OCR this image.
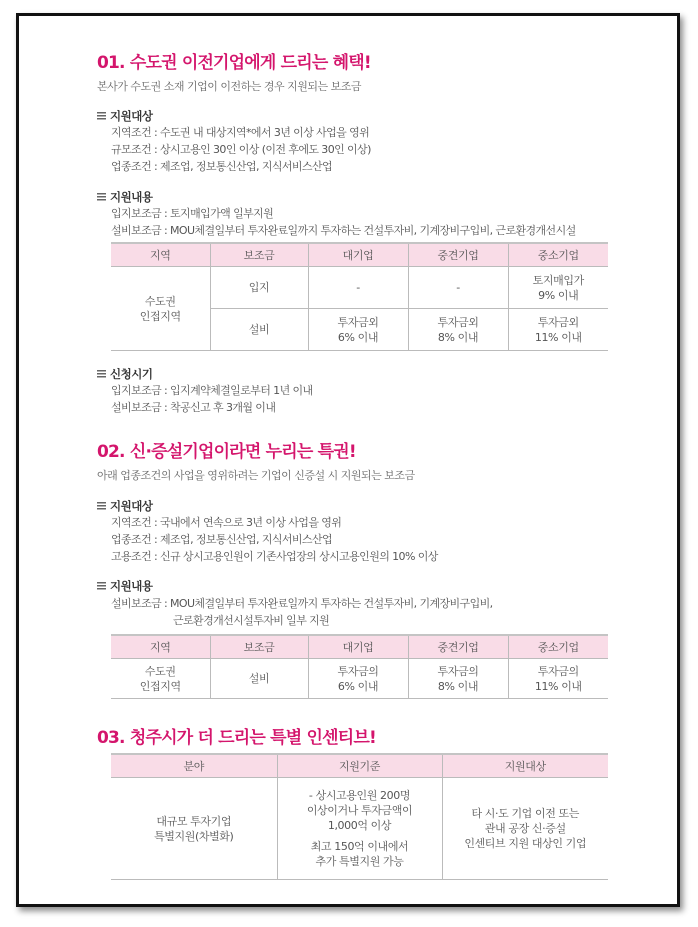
01. 수도권 이전기업에게 드리는 혜택!
본사가 수도권 소재 기업이 이전하는 경우 지원되는 보조금
지원대상
지역조건 : 수도권 내 대상지역*에서 3년 이상 사업을 영위
규모조건 : 상시고용인 30인 이상 (이전 후에도 30인 이상)
업종조건 : 제조업, 정보통신산업, 지식서비스산업
지원내용
입지보조금 : 토지매입가액 일부지원
설비보조금 : MOU체결일부터 투자완료일까지 투자하는 건설투자비, 기계장비구입비, 근로환경개선시설
지역	보조금	대기업	중견기업	중소기업

수도권
인접지역	입지	-	-	토지매입가
9% 이내

	설비	투자금외
6% 이내	투자금외
8% 이내	투자금외
11% 이내
신청시기
입지보조금 : 입지계약체결일로부터 1년 이내
설비보조금 : 착공신고 후 3개월 이내
02. 신·증설기업이라면 누리는 특권!
아래 업종조건의 사업을 영위하려는 기업이 신증설 시 지원되는 보조금
지원대상
지역조건 : 국내에서 연속으로 3년 이상 사업을 영위
업종조건 : 제조업, 정보통신산업, 지식서비스산업
고용조건 : 신규 상시고용인원이 기존사업장의 상시고용인원의 10% 이상
지원내용
설비보조금 : MOU체결일부터 투자완료일까지 투자하는 건설투자비, 기계장비구입비,
근로환경개선시설투자비 일부 지원
지역	보조금	대기업	중견기업	중소기업

수도권
인접지역	설비	투자금의
6% 이내	투자금의
8% 이내	투자금의
11% 이내
03. 청주시가 더 드리는 특별 인센티브!
분야	지원기준	지원대상

대규모 투자기업
특별지원(차별화)	- 상시고용인원 200명
이상이거나 투자금액이
1,000억 이상
최고 150억 이내에서
추가 특별지원 가능	타 시·도 기업 이전 또는
관내 공장 신·증설
인센티브 지원 대상인 기업
